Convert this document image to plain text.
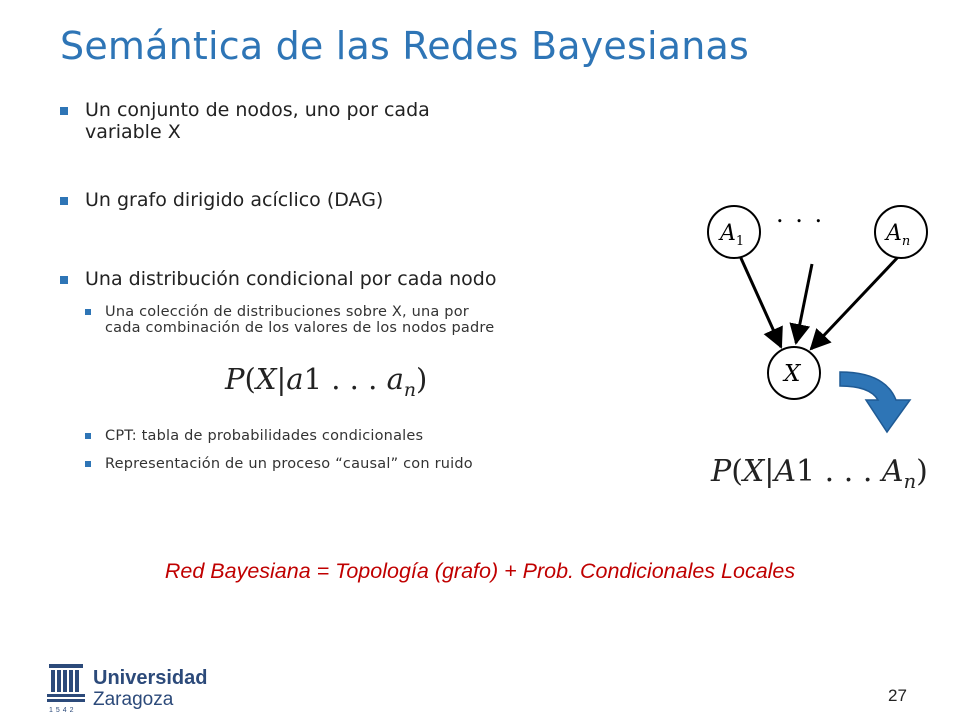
Semántica de las Redes Bayesianas
Un conjunto de nodos, uno por cada
variable X
Un grafo dirigido acíclico (DAG)
Una distribución condicional por cada nodo
Una colección de distribuciones sobre X, una por
cada combinación de los valores de los nodos padre
CPT: tabla de probabilidades condicionales
Representación de un proceso “causal” con ruido
P(X|a1 . . . $a_n$)
$A_1$	$A_n$
X
. . .
P(X|A1 . . . $A_n$)
Red Bayesiana = Topología (grafo) + Prob. Condicionales Locales
1542
Universidad
Zaragoza	27
